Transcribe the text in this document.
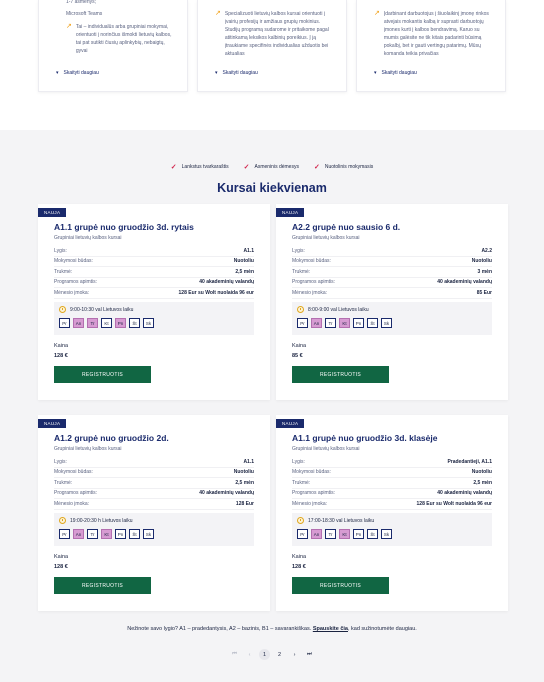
1-7 asmenys;
Microsoft Teams
↗ Tai – individualūs arba grupiniai mokymai, orientuoti į norinčius išmokti lietuvių kalbos, tai pat sutikti čiusių aplinkybių, nebaigtų, gyvai
▾ Skaityti daugiau
↗ Specializuoti lietuvių kalbos kursai orientuoti į įvairių profesijų ir amžiaus grupių mokinius. Studijų programą sudarome ir pritaikome pagal atitinkamą leksikos kalbinių poreikius. Į ją įtraukiame specifinės individualias užduotis bei aktualias
▾ Skaityti daugiau
↗ Įdarbinant darbuotojus į šiuolaikinį įmonę rinkos atvejais mokantis kalbą ir suprasti darbuotojų įmones kurti į kalbos bendravimą. Karuo su mumis galėsite ne tik kitais padarinti būsimą pokalbį, bet ir gauti vertingų patarimų. Mūsų komanda teikia privačias
▾ Skaityti daugiau
✓ Lankstus tvarkaraštis ✓ Asmeninis dėmesys ✓ Nuotolinis mokymasis
Kursai kiekvienam
NAUJA
A1.1 grupė nuo gruodžio 3d. rytais
Grupiniai lietuvių kalbos kursai
Lygis:	A1.1
Mokymosi būdas:	Nuotoliu
Trukmė:	2,5 mėn
Programos apimtis:	40 akademinių valandų
Mėnesio įmoka:	128 Eur su Wolt nuolaida 96 eur
9:00-10:30 val Lietuvos laiku
Pr	An	Tr	Kt	Pn	Št	Sk
Kaina
128 €
REGISTRUOTIS
NAUJA
A2.2 grupė nuo sausio 6 d.
Grupiniai lietuvių kalbos kursai
Lygis:	A2.2
Mokymosi būdas:	Nuotoliu
Trukmė:	3 mėn
Programos apimtis:	40 akademinių valandų
Mėnesio įmoka:	85 Eur
8:00-9:00 val Lietuvos laiku
Pr	An	Tr	Kt	Pn	Št	Sk
Kaina
85 €
REGISTRUOTIS
NAUJA
A1.2 grupė nuo gruodžio 2d.
Grupiniai lietuvių kalbos kursai
Lygis:	A1.1
Mokymosi būdas:	Nuotoliu
Trukmė:	2,5 mėn
Programos apimtis:	40 akademinių valandų
Mėnesio įmoka:	128 Eur
19:00-20:30 h Lietuvos laiku
Pr	An	Tr	Kt	Pn	Št	Sk
Kaina
128 €
REGISTRUOTIS
NAUJA
A1.1 grupė nuo gruodžio 3d. klasėje
Grupiniai lietuvių kalbos kursai
Lygis:	Pradedantieji, A1.1
Mokymosi būdas:	Nuotoliu
Trukmė:	2,5 mėn
Programos apimtis:	40 akademinių valandų
Mėnesio įmoka:	128 Eur su Wolt nuolaida 96 eur
17:00-18:30 val Lietuvos laiku
Pr	An	Tr	Kt	Pn	Št	Sk
Kaina
128 €
REGISTRUOTIS
Nežinote savo lygio? A1 – pradedantysis, A2 – bazinis, B1 – savarankiškas. Spauskite čia, kad sužinotumėte daugiau.
⏮	‹	1	2	›	⏭
